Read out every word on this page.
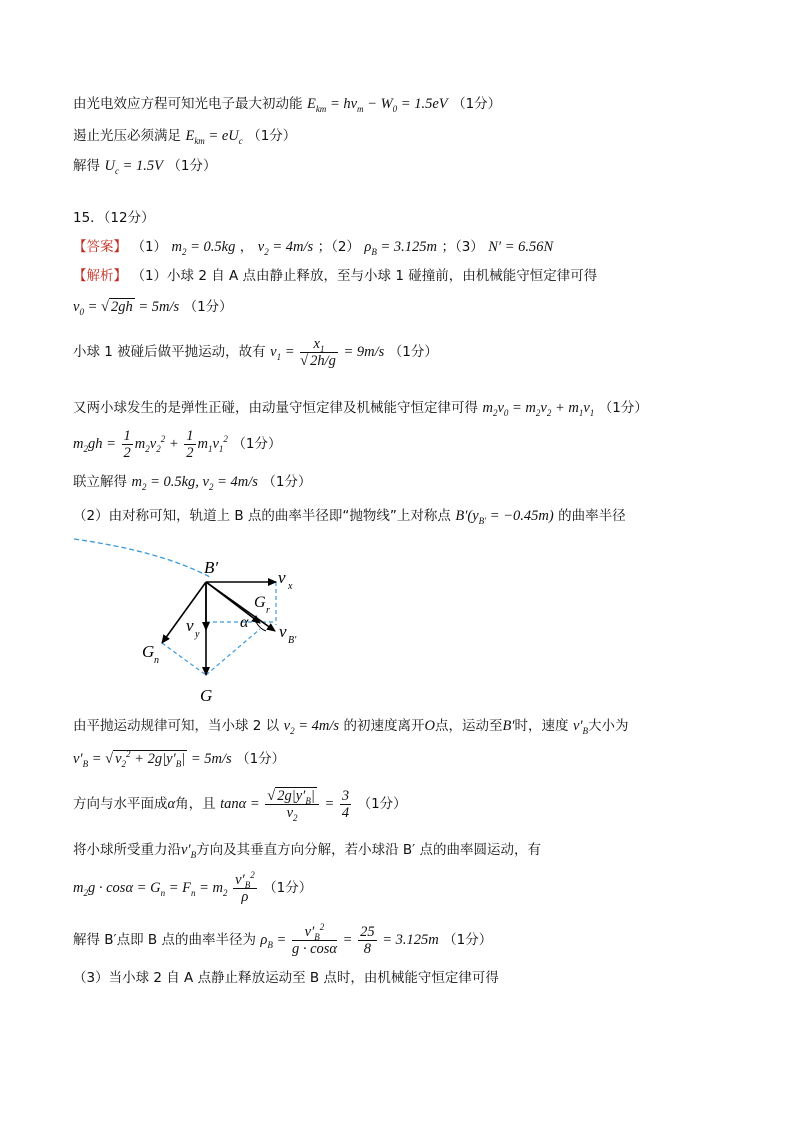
由光电效应方程可知光电子最大初动能 $E_{km} = h\nu_m - W_0 = 1.5eV$ （1分）
遏止光压必须满足 $E_{km} = eU_c$ （1分）
解得 $U_c = 1.5V$ （1分）
15．（12分）
【答案】 （1） $m_2 = 0.5kg$ ， $v_2 = 4m/s$ ；（2） $\rho_B = 3.125m$ ；（3） N′ = 6.56N
【解析】 （1）小球 2 自 A 点由静止释放，至与小球 1 碰撞前，由机械能守恒定律可得
$v_0$ = √ 2gh = 5m/s （1分）
小球 1 被碰后做平抛运动，故有 $v_1 = \frac{x_1}{√ 2h/g} = 9m/s$ （1分）
又两小球发生的是弹性正碰，由动量守恒定律及机械能守恒定律可得 $m_2v_0 = m_2v_2 + m_1v_1$ （1分）
$m_2gh = \frac{1}{2} m_2v_2^2 + \frac{1}{2} m_1v_1^2$ （1分）
联立解得 $m_2 = 0.5kg$, $v_2 = 4m/s$ （1分）
（2）由对称可知，轨道上 B 点的曲率半径即“抛物线”上对称点 $B'(y_{B'} = -0.45m)$ 的曲率半径
B′
v x
G r
v y
α v B′
G n
G
由平抛运动规律可知，当小球 2 以 $v_2 = 4m/s$ 的初速度离开O点，运动至B′时，速度 $v'_B$大小为
$v'_B$ = √ $v_2^2 + 2g|y'_B| = 5m/s$ （1分）
方向与水平面成α角，且 $\tan\alpha = \frac{√ 2g|y'_B|}{v_2} = \frac{3}{4} (1$分）
将小球所受重力沿$v'_B$方向及其垂直方向分解，若小球沿 B′ 点的曲率圆运动，有
$m_2g \cdot \cos\alpha = G_n = F_n = m_2 \frac{v'_B^2}{\rho} (1$分）
解得 B′点即 B 点的曲率半径为 $\rho_B = \frac{v'_B^2}{g \cdot \cos\alpha} = \frac{25}{8} = 3.125m$ （1分）
（3）当小球 2 自 A 点静止释放运动至 B 点时，由机械能守恒定律可得
